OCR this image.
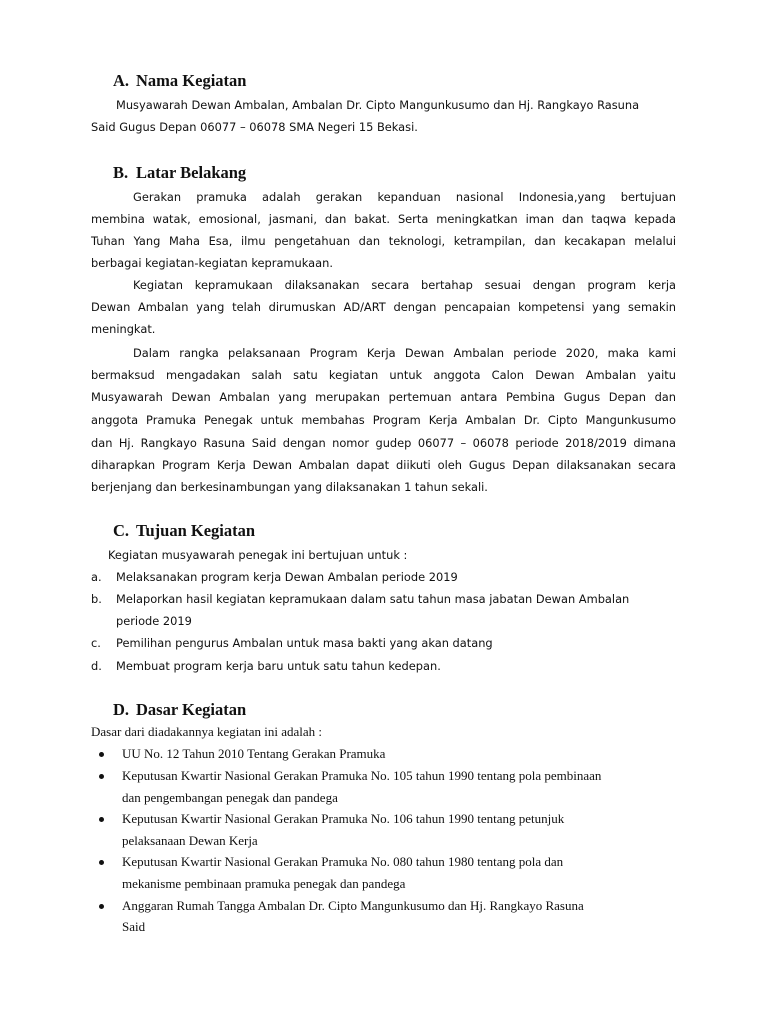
A. Nama Kegiatan
Musyawarah Dewan Ambalan, Ambalan Dr. Cipto Mangunkusumo dan Hj. Rangkayo Rasuna
Said Gugus Depan 06077 – 06078 SMA Negeri 15 Bekasi.
B. Latar Belakang
Gerakan pramuka adalah gerakan kepanduan nasional Indonesia,yang bertujuan
membina watak, emosional, jasmani, dan bakat. Serta meningkatkan iman dan taqwa kepada
Tuhan Yang Maha Esa, ilmu pengetahuan dan teknologi, ketrampilan, dan kecakapan melalui
berbagai kegiatan-kegiatan kepramukaan.
Kegiatan kepramukaan dilaksanakan secara bertahap sesuai dengan program kerja
Dewan Ambalan yang telah dirumuskan AD/ART dengan pencapaian kompetensi yang semakin
meningkat.
Dalam rangka pelaksanaan Program Kerja Dewan Ambalan periode 2020, maka kami
bermaksud mengadakan salah satu kegiatan untuk anggota Calon Dewan Ambalan yaitu
Musyawarah Dewan Ambalan yang merupakan pertemuan antara Pembina Gugus Depan dan
anggota Pramuka Penegak untuk membahas Program Kerja Ambalan Dr. Cipto Mangunkusumo
dan Hj. Rangkayo Rasuna Said dengan nomor gudep 06077 – 06078 periode 2018/2019 dimana
diharapkan Program Kerja Dewan Ambalan dapat diikuti oleh Gugus Depan dilaksanakan secara
berjenjang dan berkesinambungan yang dilaksanakan 1 tahun sekali.
C. Tujuan Kegiatan
Kegiatan musyawarah penegak ini bertujuan untuk :
a. Melaksanakan program kerja Dewan Ambalan periode 2019
b. Melaporkan hasil kegiatan kepramukaan dalam satu tahun masa jabatan Dewan Ambalan
periode 2019
c. Pemilihan pengurus Ambalan untuk masa bakti yang akan datang
d. Membuat program kerja baru untuk satu tahun kedepan.
D. Dasar Kegiatan
Dasar dari diadakannya kegiatan ini adalah :
UU No. 12 Tahun 2010 Tentang Gerakan Pramuka
Keputusan Kwartir Nasional Gerakan Pramuka No. 105 tahun 1990 tentang pola pembinaan
dan pengembangan penegak dan pandega
Keputusan Kwartir Nasional Gerakan Pramuka No. 106 tahun 1990 tentang petunjuk
pelaksanaan Dewan Kerja
Keputusan Kwartir Nasional Gerakan Pramuka No. 080 tahun 1980 tentang pola dan
mekanisme pembinaan pramuka penegak dan pandega
Anggaran Rumah Tangga Ambalan Dr. Cipto Mangunkusumo dan Hj. Rangkayo Rasuna
Said
